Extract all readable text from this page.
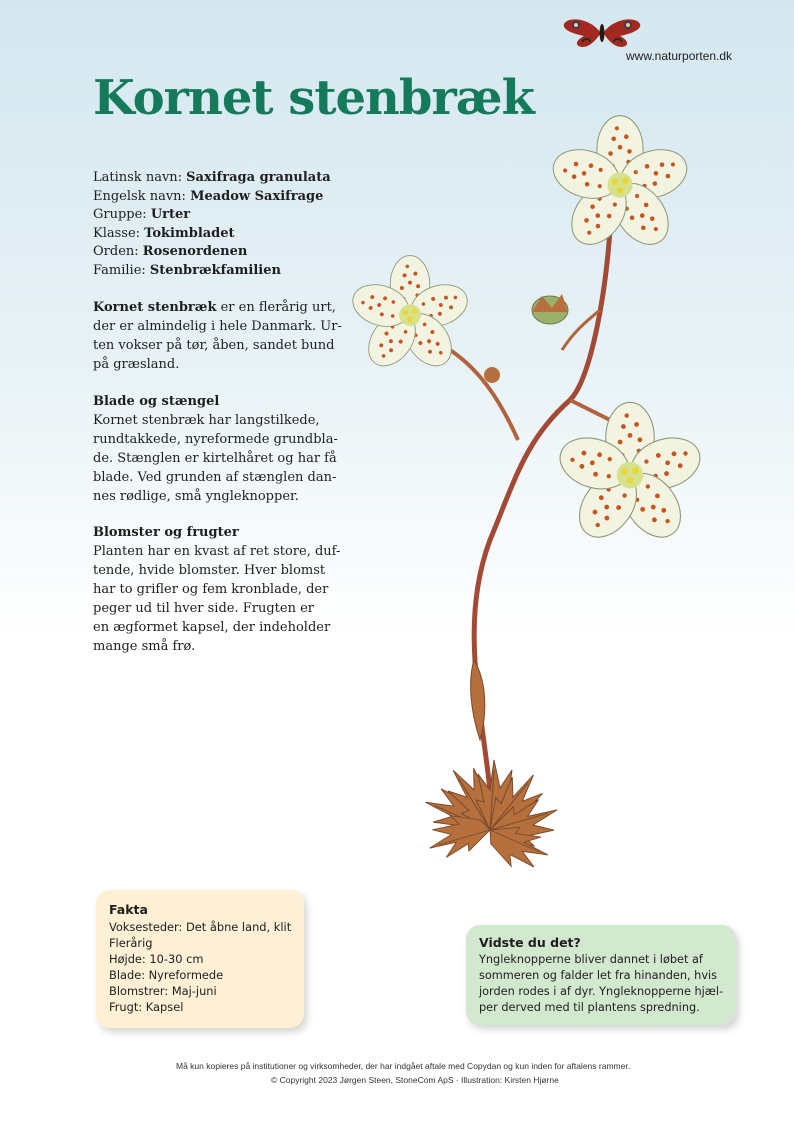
www.naturporten.dk
Kornet stenbræk
Latinsk navn: Saxifraga granulata
Engelsk navn: Meadow Saxifrage
Gruppe: Urter
Klasse: Tokimbladet
Orden: Rosenordenen
Familie: Stenbrækfamilien
Kornet stenbræk er en flerårig urt,
der er almindelig i hele Danmark. Ur-
ten vokser på tør, åben, sandet bund
på græsland.
Blade og stængel
Kornet stenbræk har langstilkede,
rundtakkede, nyreformede grundbla-
de. Stænglen er kirtelhåret og har få
blade. Ved grunden af stænglen dan-
nes rødlige, små yngleknopper.
Blomster og frugter
Planten har en kvast af ret store, duf-
tende, hvide blomster. Hver blomst
har to grifler og fem kronblade, der
peger ud til hver side. Frugten er
en ægformet kapsel, der indeholder
mange små frø.
Fakta
Voksesteder: Det åbne land, klit
Flerårig
Højde: 10-30 cm
Blade: Nyreformede
Blomstrer: Maj-juni
Frugt: Kapsel
Vidste du det?
Yngleknopperne bliver dannet i løbet af
sommeren og falder let fra hinanden, hvis
jorden rodes i af dyr. Yngleknopperne hjæl-
per derved med til plantens spredning.
Må kun kopieres på institutioner og virksomheder, der har indgået aftale med Copydan og kun inden for aftalens rammer.
© Copyright 2023 Jørgen Steen, StoneCom ApS · Illustration: Kirsten Hjørne
